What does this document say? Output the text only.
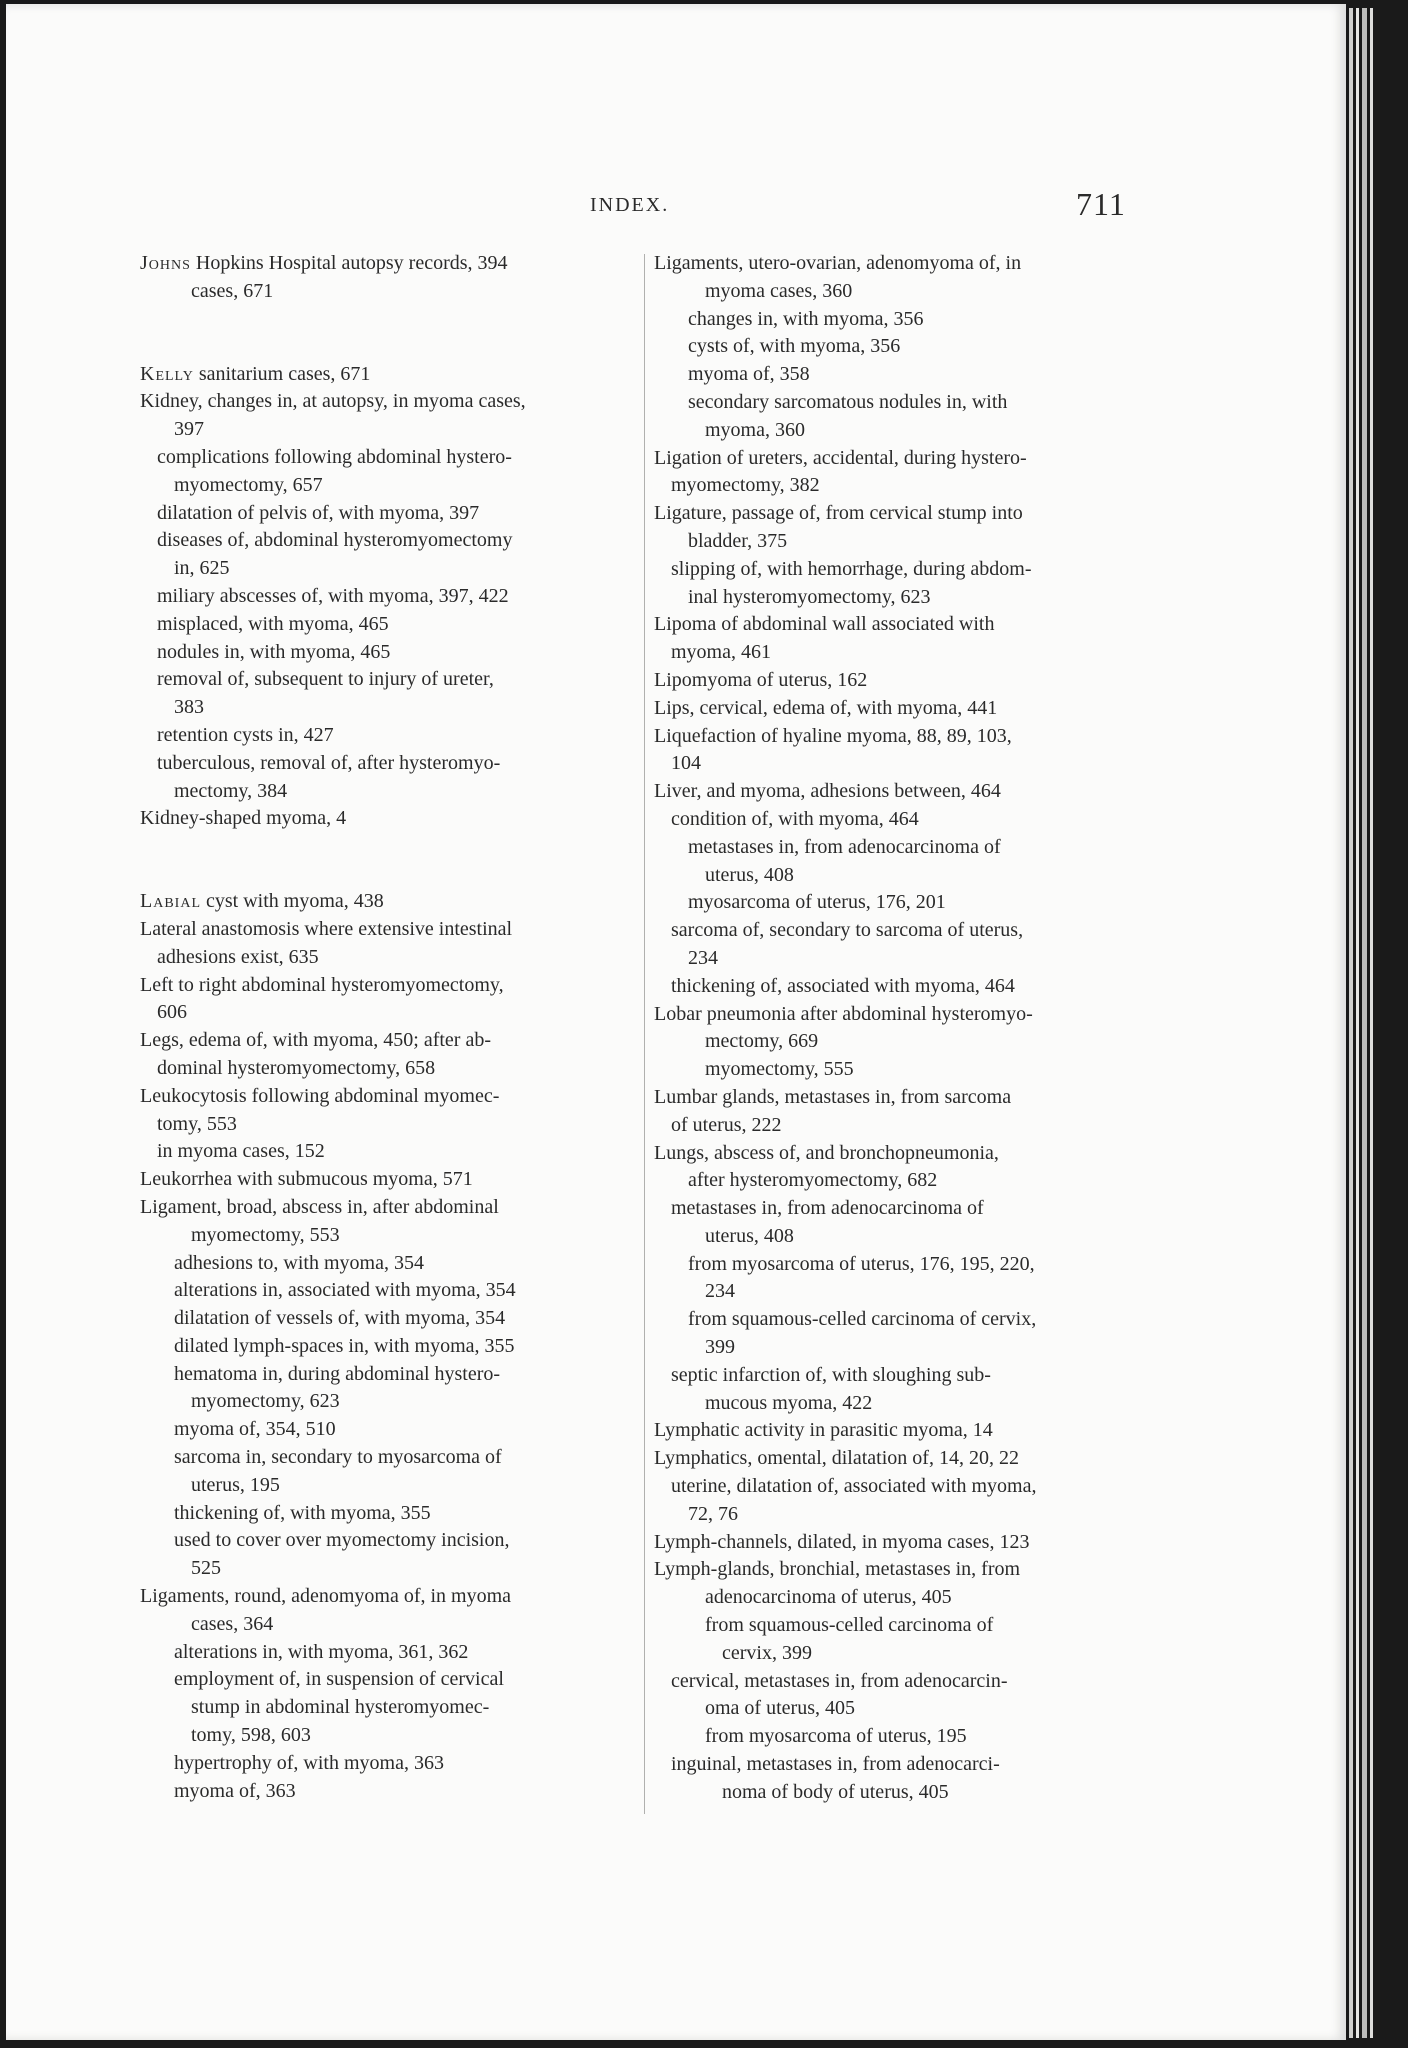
INDEX.	711
Johns Hopkins Hospital autopsy records, 394
cases, 671
Kelly sanitarium cases, 671
Kidney, changes in, at autopsy, in myoma cases,
397
complications following abdominal hystero-
myomectomy, 657
dilatation of pelvis of, with myoma, 397
diseases of, abdominal hysteromyomectomy
in, 625
miliary abscesses of, with myoma, 397, 422
misplaced, with myoma, 465
nodules in, with myoma, 465
removal of, subsequent to injury of ureter,
383
retention cysts in, 427
tuberculous, removal of, after hysteromyo-
mectomy, 384
Kidney-shaped myoma, 4
Labial cyst with myoma, 438
Lateral anastomosis where extensive intestinal
adhesions exist, 635
Left to right abdominal hysteromyomectomy,
606
Legs, edema of, with myoma, 450; after ab-
dominal hysteromyomectomy, 658
Leukocytosis following abdominal myomec-
tomy, 553
in myoma cases, 152
Leukorrhea with submucous myoma, 571
Ligament, broad, abscess in, after abdominal
myomectomy, 553
adhesions to, with myoma, 354
alterations in, associated with myoma, 354
dilatation of vessels of, with myoma, 354
dilated lymph-spaces in, with myoma, 355
hematoma in, during abdominal hystero-
myomectomy, 623
myoma of, 354, 510
sarcoma in, secondary to myosarcoma of
uterus, 195
thickening of, with myoma, 355
used to cover over myomectomy incision,
525
Ligaments, round, adenomyoma of, in myoma
cases, 364
alterations in, with myoma, 361, 362
employment of, in suspension of cervical
stump in abdominal hysteromyomec-
tomy, 598, 603
hypertrophy of, with myoma, 363
myoma of, 363
Ligaments, utero-ovarian, adenomyoma of, in
myoma cases, 360
changes in, with myoma, 356
cysts of, with myoma, 356
myoma of, 358
secondary sarcomatous nodules in, with
myoma, 360
Ligation of ureters, accidental, during hystero-
myomectomy, 382
Ligature, passage of, from cervical stump into
bladder, 375
slipping of, with hemorrhage, during abdom-
inal hysteromyomectomy, 623
Lipoma of abdominal wall associated with
myoma, 461
Lipomyoma of uterus, 162
Lips, cervical, edema of, with myoma, 441
Liquefaction of hyaline myoma, 88, 89, 103,
104
Liver, and myoma, adhesions between, 464
condition of, with myoma, 464
metastases in, from adenocarcinoma of
uterus, 408
myosarcoma of uterus, 176, 201
sarcoma of, secondary to sarcoma of uterus,
234
thickening of, associated with myoma, 464
Lobar pneumonia after abdominal hysteromyo-
mectomy, 669
myomectomy, 555
Lumbar glands, metastases in, from sarcoma
of uterus, 222
Lungs, abscess of, and bronchopneumonia,
after hysteromyomectomy, 682
metastases in, from adenocarcinoma of
uterus, 408
from myosarcoma of uterus, 176, 195, 220,
234
from squamous-celled carcinoma of cervix,
399
septic infarction of, with sloughing sub-
mucous myoma, 422
Lymphatic activity in parasitic myoma, 14
Lymphatics, omental, dilatation of, 14, 20, 22
uterine, dilatation of, associated with myoma,
72, 76
Lymph-channels, dilated, in myoma cases, 123
Lymph-glands, bronchial, metastases in, from
adenocarcinoma of uterus, 405
from squamous-celled carcinoma of
cervix, 399
cervical, metastases in, from adenocarcin-
oma of uterus, 405
from myosarcoma of uterus, 195
inguinal, metastases in, from adenocarci-
noma of body of uterus, 405
